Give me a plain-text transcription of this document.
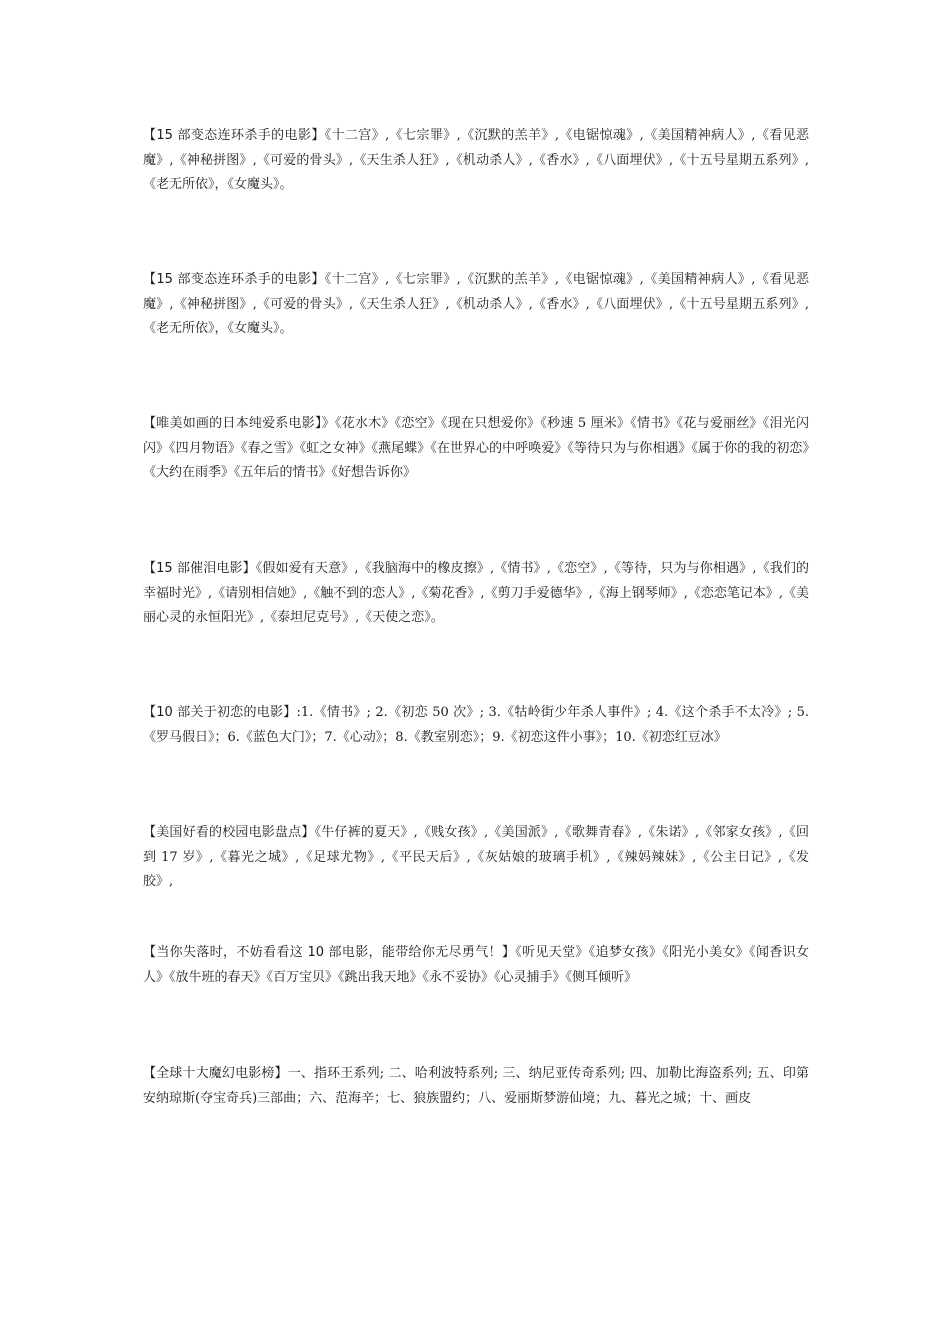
【15 部变态连环杀手的电影】《十二宫》,《七宗罪》,《沉默的羔羊》,《电锯惊魂》,《美国精神病人》,《看见恶魔》,《神秘拼图》,《可爱的骨头》,《天生杀人狂》,《机动杀人》,《香水》,《八面埋伏》,《十五号星期五系列》,《老无所依》，《女魔头》。

【15 部变态连环杀手的电影】《十二宫》,《七宗罪》,《沉默的羔羊》,《电锯惊魂》,《美国精神病人》,《看见恶魔》,《神秘拼图》,《可爱的骨头》,《天生杀人狂》,《机动杀人》,《香水》,《八面埋伏》,《十五号星期五系列》,《老无所依》，《女魔头》。

【唯美如画的日本纯爱系电影】》《花水木》《恋空》《现在只想爱你》《秒速 5 厘米》《情书》《花与爱丽丝》《泪光闪闪》《四月物语》《春之雪》《虹之女神》《燕尾蝶》《在世界心的中呼唤爱》《等待只为与你相遇》《属于你的我的初恋》《大约在雨季》《五年后的情书》《好想告诉你》

【15 部催泪电影】《假如爱有天意》,《我脑海中的橡皮擦》,《情书》,《恋空》,《等待，只为与你相遇》,《我们的幸福时光》,《请别相信她》,《触不到的恋人》,《菊花香》,《剪刀手爱德华》,《海上钢琴师》,《恋恋笔记本》,《美丽心灵的永恒阳光》,《泰坦尼克号》,《天使之恋》。

【10 部关于初恋的电影】:1.《情书》; 2.《初恋 50 次》; 3.《牯岭街少年杀人事件》; 4.《这个杀手不太冷》; 5.《罗马假日》；6.《蓝色大门》；7.《心动》；8.《教室别恋》；9.《初恋这件小事》；10.《初恋红豆冰》

【美国好看的校园电影盘点】《牛仔裤的夏天》,《贱女孩》,《美国派》,《歌舞青春》,《朱诺》,《邻家女孩》,《回到 17 岁》,《暮光之城》,《足球尤物》,《平民天后》,《灰姑娘的玻璃手机》,《辣妈辣妹》,《公主日记》,《发胶》,

【当你失落时，不妨看看这 10 部电影，能带给你无尽勇气！】《听见天堂》《追梦女孩》《阳光小美女》《闻香识女人》《放牛班的春天》《百万宝贝》《跳出我天地》《永不妥协》《心灵捕手》《侧耳倾听》

【全球十大魔幻电影榜】一、指环王系列; 二、哈利波特系列; 三、纳尼亚传奇系列; 四、加勒比海盗系列; 五、印第安纳琼斯(夺宝奇兵)三部曲；六、范海辛；七、狼族盟约；八、爱丽斯梦游仙境；九、暮光之城；十、画皮
